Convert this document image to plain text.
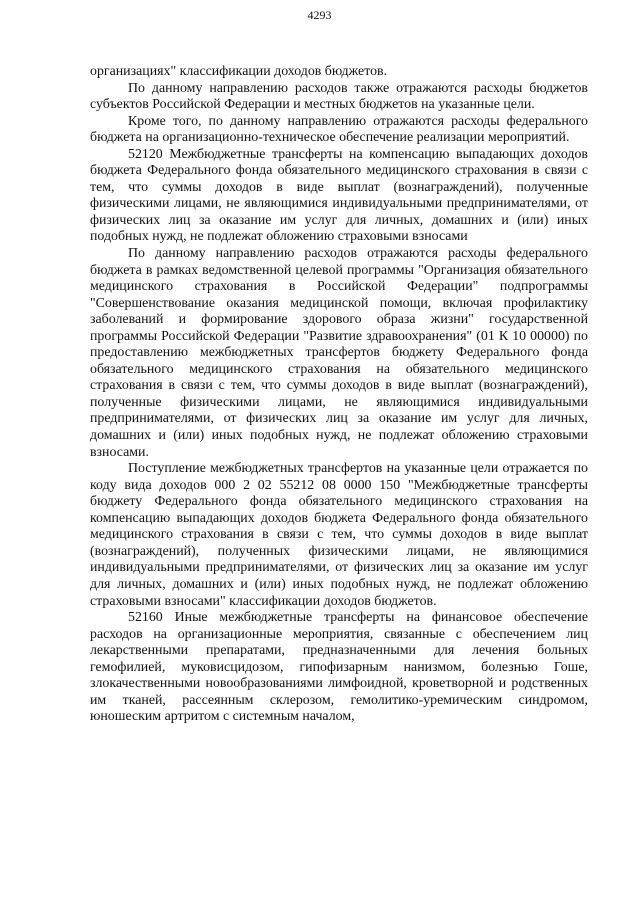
4293

организациях" классификации доходов бюджетов.

По данному направлению расходов также отражаются расходы бюджетов субъектов Российской Федерации и местных бюджетов на указанные цели.

Кроме того, по данному направлению отражаются расходы федерального бюджета на организационно-техническое обеспечение реализации мероприятий.

52120 Межбюджетные трансферты на компенсацию выпадающих доходов бюджета Федерального фонда обязательного медицинского страхования в связи с тем, что суммы доходов в виде выплат (вознаграждений), полученные физическими лицами, не являющимися индивидуальными предпринимателями, от физических лиц за оказание им услуг для личных, домашних и (или) иных подобных нужд, не подлежат обложению страховыми взносами

По данному направлению расходов отражаются расходы федерального бюджета в рамках ведомственной целевой программы "Организация обязательного медицинского страхования в Российской Федерации" подпрограммы "Совершенствование оказания медицинской помощи, включая профилактику заболеваний и формирование здорового образа жизни" государственной программы Российской Федерации "Развитие здравоохранения" (01 К 10 00000) по предоставлению межбюджетных трансфертов бюджету Федерального фонда обязательного медицинского страхования на обязательного медицинского страхования в связи с тем, что суммы доходов в виде выплат (вознаграждений), полученные физическими лицами, не являющимися индивидуальными предпринимателями, от физических лиц за оказание им услуг для личных, домашних и (или) иных подобных нужд, не подлежат обложению страховыми взносами.

Поступление межбюджетных трансфертов на указанные цели отражается по коду вида доходов 000 2 02 55212 08 0000 150 "Межбюджетные трансферты бюджету Федерального фонда обязательного медицинского страхования на компенсацию выпадающих доходов бюджета Федерального фонда обязательного медицинского страхования в связи с тем, что суммы доходов в виде выплат (вознаграждений), полученных физическими лицами, не являющимися индивидуальными предпринимателями, от физических лиц за оказание им услуг для личных, домашних и (или) иных подобных нужд, не подлежат обложению страховыми взносами" классификации доходов бюджетов.

52160 Иные межбюджетные трансферты на финансовое обеспечение расходов на организационные мероприятия, связанные с обеспечением лиц лекарственными препаратами, предназначенными для лечения больных гемофилией, муковисцидозом, гипофизарным нанизмом, болезнью Гоше, злокачественными новообразованиями лимфоидной, кроветворной и родственных им тканей, рассеянным склерозом, гемолитико-уремическим синдромом, юношеским артритом с системным началом,
